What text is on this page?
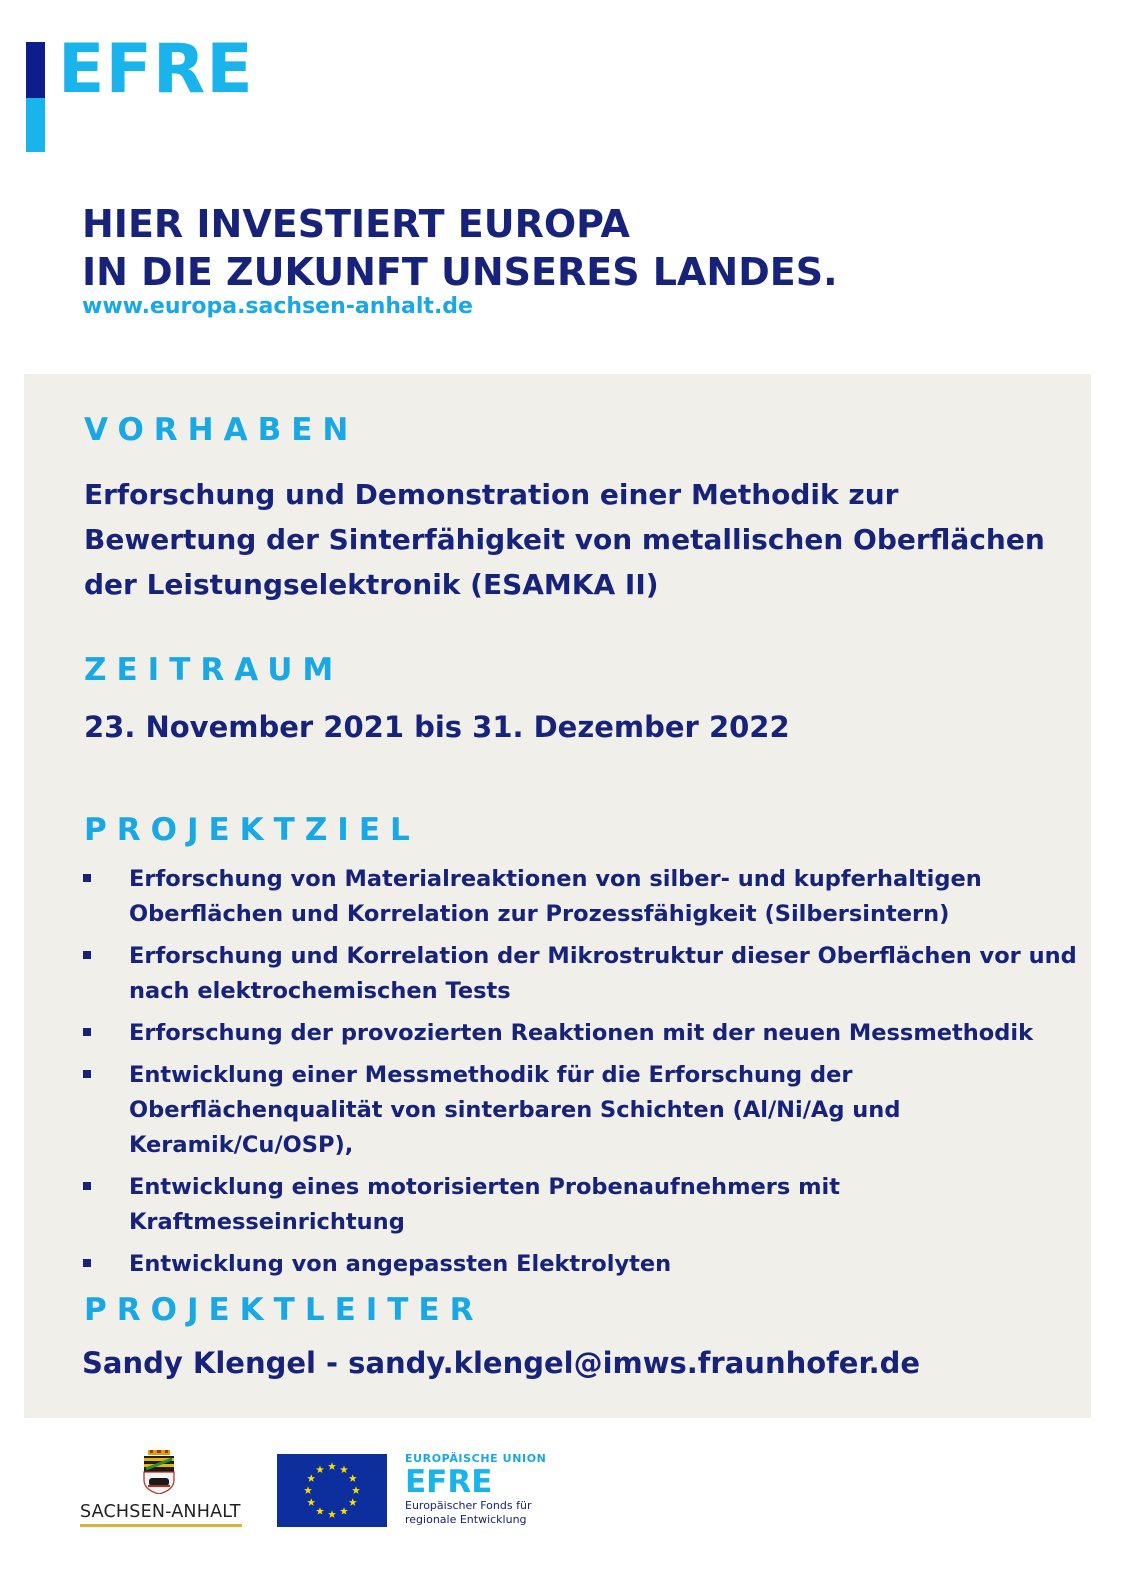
EFRE
HIER INVESTIERT EUROPA
IN DIE ZUKUNFT UNSERES LANDES.
www.europa.sachsen-anhalt.de
VORHABEN
Erforschung und Demonstration einer Methodik zur Bewertung der Sinterfähigkeit von metallischen Oberflächen der Leistungselektronik (ESAMKA II)
ZEITRAUM
23. November 2021 bis 31. Dezember 2022
PROJEKTZIEL
Erforschung von Materialreaktionen von silber- und kupferhaltigen Oberflächen und Korrelation zur Prozessfähigkeit (Silbersintern)
Erforschung und Korrelation der Mikrostruktur dieser Oberflächen vor und nach elektrochemischen Tests
Erforschung der provozierten Reaktionen mit der neuen Messmethodik
Entwicklung einer Messmethodik für die Erforschung der Oberflächenqualität von sinterbaren Schichten (Al/Ni/Ag und Keramik/Cu/OSP),
Entwicklung eines motorisierten Probenaufnehmers mit Kraftmesseinrichtung
Entwicklung von angepassten Elektrolyten
PROJEKTLEITER
Sandy Klengel - sandy.klengel@imws.fraunhofer.de
SACHSEN-ANHALT
EUROPÄISCHE UNION
EFRE
Europäischer Fonds für
regionale Entwicklung
